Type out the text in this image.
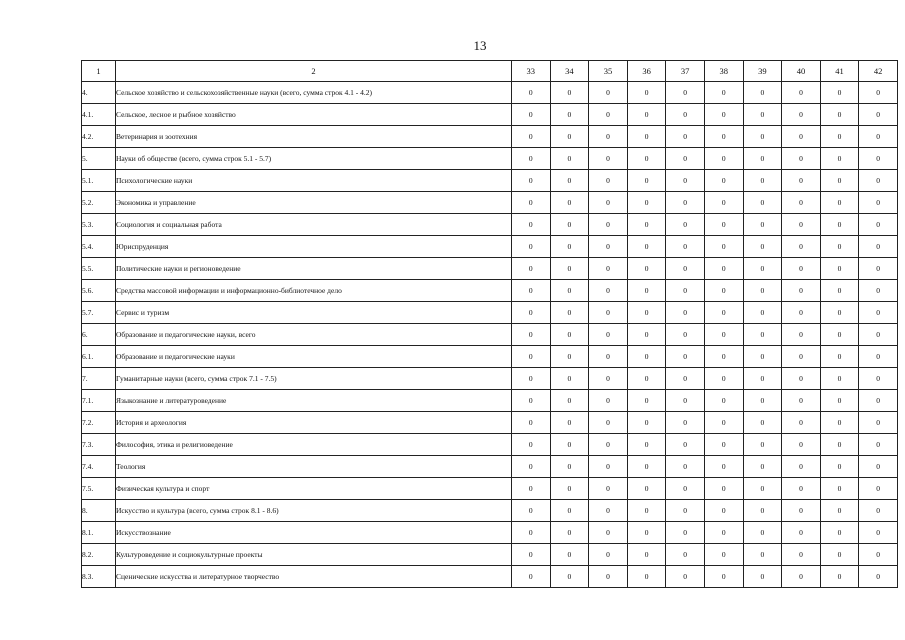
13
1	2	33	34	35	36	37	38	39	40	41	42
4.	Сельское хозяйство и сельскохозяйственные науки (всего, сумма строк 4.1 - 4.2)	0	0	0	0	0	0	0	0	0	0
4.1.	Сельское, лесное и рыбное хозяйство	0	0	0	0	0	0	0	0	0	0
4.2.	Ветеринария и зоотехния	0	0	0	0	0	0	0	0	0	0
5.	Науки об обществе (всего, сумма строк 5.1 - 5.7)	0	0	0	0	0	0	0	0	0	0
5.1.	Психологические науки	0	0	0	0	0	0	0	0	0	0
5.2.	Экономика и управление	0	0	0	0	0	0	0	0	0	0
5.3.	Социология и социальная работа	0	0	0	0	0	0	0	0	0	0
5.4.	Юриспруденция	0	0	0	0	0	0	0	0	0	0
5.5.	Политические науки и регионоведение	0	0	0	0	0	0	0	0	0	0
5.6.	Средства массовой информации и информационно-библиотечное дело	0	0	0	0	0	0	0	0	0	0
5.7.	Сервис и туризм	0	0	0	0	0	0	0	0	0	0
6.	Образование и педагогические науки, всего	0	0	0	0	0	0	0	0	0	0
6.1.	Образование и педагогические науки	0	0	0	0	0	0	0	0	0	0
7.	Гуманитарные науки (всего, сумма строк 7.1 - 7.5)	0	0	0	0	0	0	0	0	0	0
7.1.	Языкознание и литературоведение	0	0	0	0	0	0	0	0	0	0
7.2.	История и археология	0	0	0	0	0	0	0	0	0	0
7.3.	Философия, этика и религиоведение	0	0	0	0	0	0	0	0	0	0
7.4.	Теология	0	0	0	0	0	0	0	0	0	0
7.5.	Физическая культура и спорт	0	0	0	0	0	0	0	0	0	0
8.	Искусство и культура (всего, сумма строк 8.1 - 8.6)	0	0	0	0	0	0	0	0	0	0
8.1.	Искусствознание	0	0	0	0	0	0	0	0	0	0
8.2.	Культуроведение и социокультурные проекты	0	0	0	0	0	0	0	0	0	0
8.3.	Сценические искусства и литературное творчество	0	0	0	0	0	0	0	0	0	0
